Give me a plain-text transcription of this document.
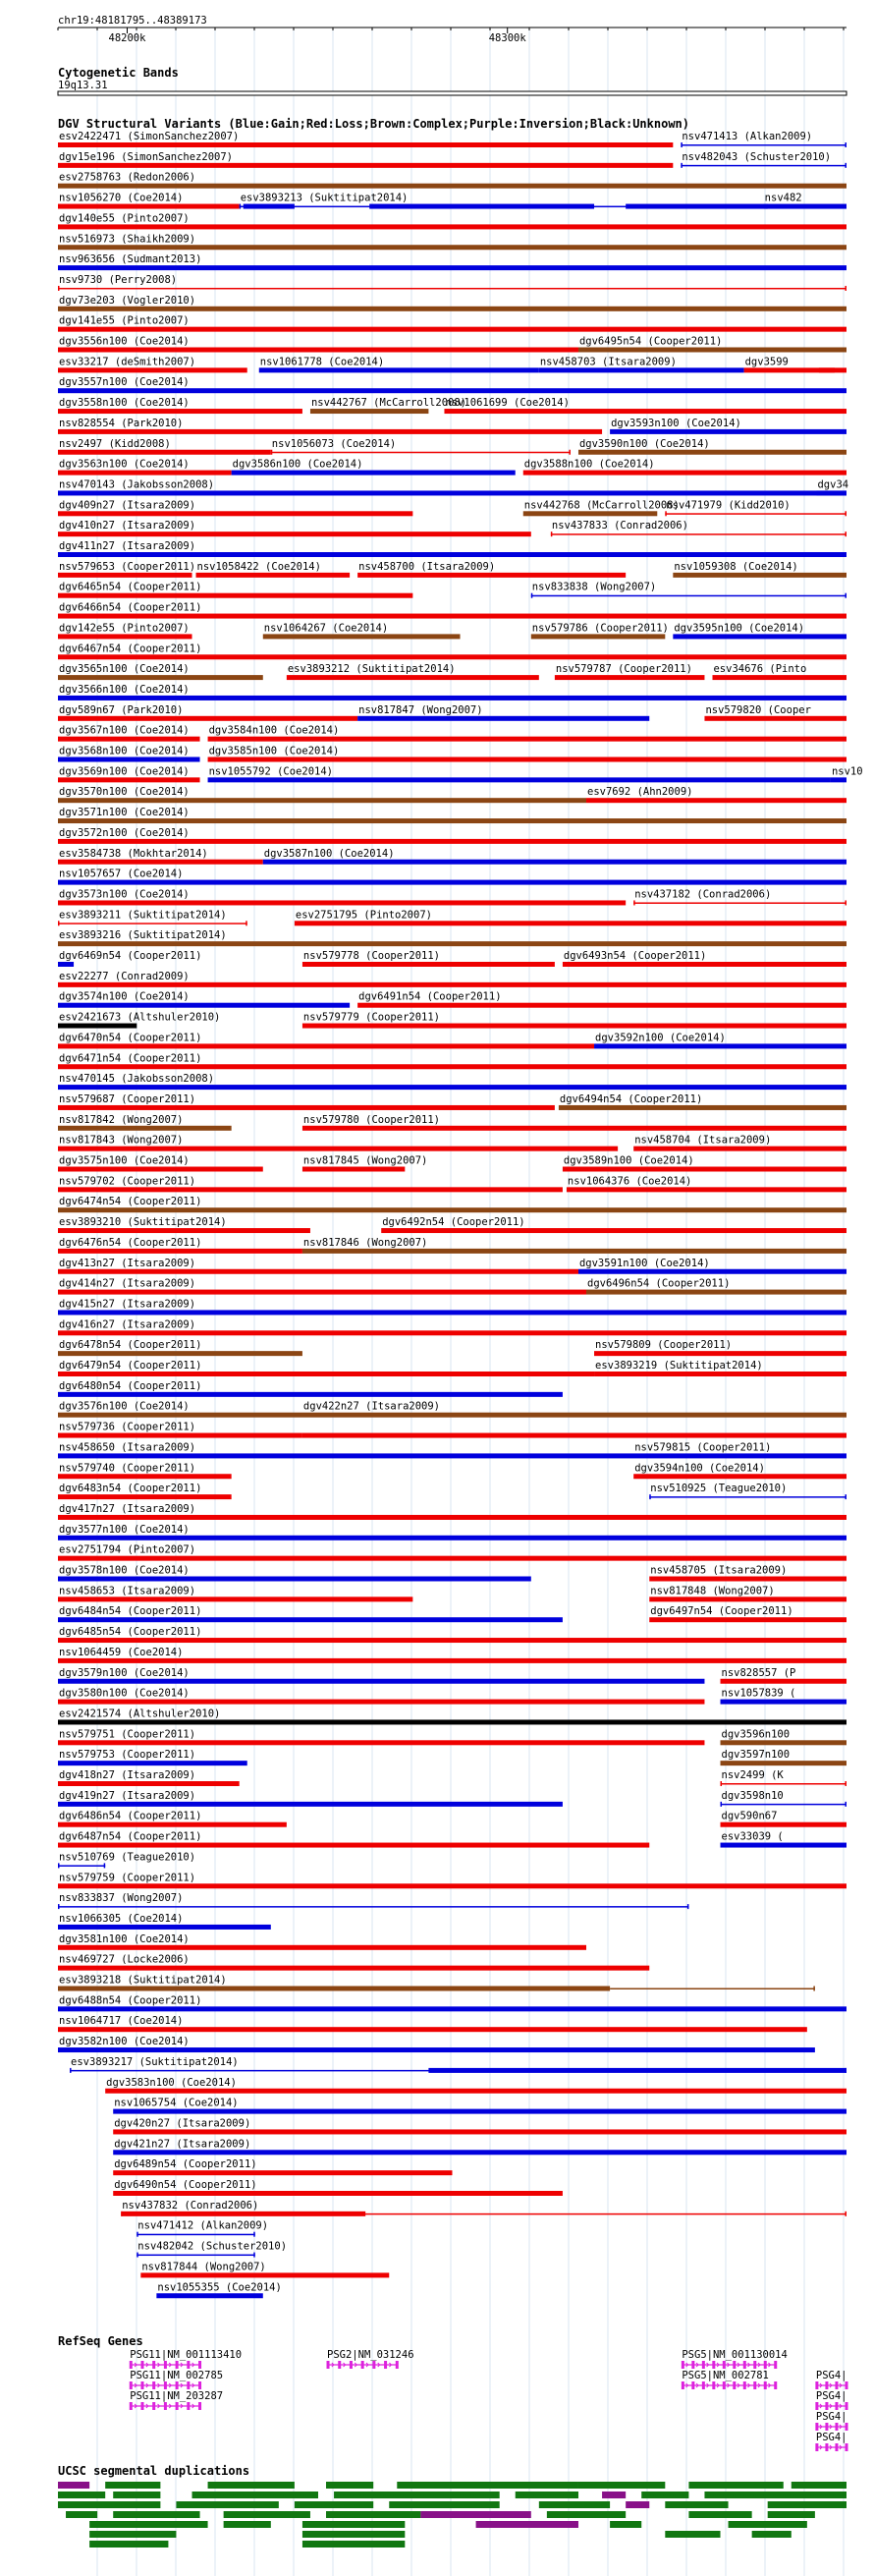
chr19:48181795..48389173
48200k	48300k
Cytogenetic Bands
19q13.31
DGV Structural Variants (Blue:Gain;Red:Loss;Brown:Complex;Purple:Inversion;Black:Unknown)
esv2422471 (SimonSanchez2007)	nsv471413 (Alkan2009)
dgv15e196 (SimonSanchez2007)	nsv482043 (Schuster2010)
esv2758763 (Redon2006)
nsv1056270 (Coe2014)	esv3893213 (Suktitipat2014)	nsv482
dgv140e55 (Pinto2007)
nsv516973 (Shaikh2009)
nsv963656 (Sudmant2013)
nsv9730 (Perry2008)
dgv73e203 (Vogler2010)
dgv141e55 (Pinto2007)
dgv3556n100 (Coe2014)	dgv6495n54 (Cooper2011)
esv33217 (deSmith2007)	nsv1061778 (Coe2014)	nsv458703 (Itsara2009)	dgv3599
dgv3557n100 (Coe2014)
dgv3558n100 (Coe2014)	nsv442767 (McCarroll2008)
nsv1061699 (Coe2014)
nsv828554 (Park2010)	dgv3593n100 (Coe2014)
nsv2497 (Kidd2008)	nsv1056073 (Coe2014)	dgv3590n100 (Coe2014)
dgv3563n100 (Coe2014)	dgv3586n100 (Coe2014)	dgv3588n100 (Coe2014)
nsv470143 (Jakobsson2008)	dgv34
dgv409n27 (Itsara2009)	nsv442768 (McCarroll2008)
nsv471979 (Kidd2010)
dgv410n27 (Itsara2009)	nsv437833 (Conrad2006)
dgv411n27 (Itsara2009)
nsv579653 (Cooper2011) nsv1058422 (Coe2014)	nsv458700 (Itsara2009)	nsv1059308 (Coe2014)
dgv6465n54 (Cooper2011)	nsv833838 (Wong2007)
dgv6466n54 (Cooper2011)
dgv142e55 (Pinto2007)	nsv1064267 (Coe2014)	nsv579786 (Cooper2011) dgv3595n100 (Coe2014)
dgv6467n54 (Cooper2011)
dgv3565n100 (Coe2014)	esv3893212 (Suktitipat2014)	nsv579787 (Cooper2011) esv34676 (Pinto
dgv3566n100 (Coe2014)
dgv589n67 (Park2010)	nsv817847 (Wong2007)	nsv579820 (Cooper
dgv3567n100 (Coe2014) dgv3584n100 (Coe2014)
dgv3568n100 (Coe2014) dgv3585n100 (Coe2014)
dgv3569n100 (Coe2014) nsv1055792 (Coe2014)	nsv10
dgv3570n100 (Coe2014)	esv7692 (Ahn2009)
dgv3571n100 (Coe2014)
dgv3572n100 (Coe2014)
esv3584738 (Mokhtar2014)	dgv3587n100 (Coe2014)
nsv1057657 (Coe2014)
dgv3573n100 (Coe2014)	nsv437182 (Conrad2006)
esv3893211 (Suktitipat2014)	esv2751795 (Pinto2007)
esv3893216 (Suktitipat2014)
dgv6469n54 (Cooper2011)	nsv579778 (Cooper2011)	dgv6493n54 (Cooper2011)
esv22277 (Conrad2009)
dgv3574n100 (Coe2014)	dgv6491n54 (Cooper2011)
esv2421673 (Altshuler2010)	nsv579779 (Cooper2011)
dgv6470n54 (Cooper2011)	dgv3592n100 (Coe2014)
dgv6471n54 (Cooper2011)
nsv470145 (Jakobsson2008)
nsv579687 (Cooper2011)	dgv6494n54 (Cooper2011)
nsv817842 (Wong2007)	nsv579780 (Cooper2011)
nsv817843 (Wong2007)	nsv458704 (Itsara2009)
dgv3575n100 (Coe2014)	nsv817845 (Wong2007)	dgv3589n100 (Coe2014)
nsv579702 (Cooper2011)	nsv1064376 (Coe2014)
dgv6474n54 (Cooper2011)
esv3893210 (Suktitipat2014)	dgv6492n54 (Cooper2011)
dgv6476n54 (Cooper2011)	nsv817846 (Wong2007)
dgv413n27 (Itsara2009)	dgv3591n100 (Coe2014)
dgv414n27 (Itsara2009)	dgv6496n54 (Cooper2011)
dgv415n27 (Itsara2009)
dgv416n27 (Itsara2009)
dgv6478n54 (Cooper2011)	nsv579809 (Cooper2011)
dgv6479n54 (Cooper2011)	esv3893219 (Suktitipat2014)
dgv6480n54 (Cooper2011)
dgv3576n100 (Coe2014)	dgv422n27 (Itsara2009)
nsv579736 (Cooper2011)
nsv458650 (Itsara2009)	nsv579815 (Cooper2011)
nsv579740 (Cooper2011)	dgv3594n100 (Coe2014)
dgv6483n54 (Cooper2011)	nsv510925 (Teague2010)
dgv417n27 (Itsara2009)
dgv3577n100 (Coe2014)
esv2751794 (Pinto2007)
dgv3578n100 (Coe2014)	nsv458705 (Itsara2009)
nsv458653 (Itsara2009)	nsv817848 (Wong2007)
dgv6484n54 (Cooper2011)	dgv6497n54 (Cooper2011)
dgv6485n54 (Cooper2011)
nsv1064459 (Coe2014)
dgv3579n100 (Coe2014)	nsv828557 (P
dgv3580n100 (Coe2014)	nsv1057839 (
esv2421574 (Altshuler2010)
nsv579751 (Cooper2011)	dgv3596n100
nsv579753 (Cooper2011)	dgv3597n100
dgv418n27 (Itsara2009)	nsv2499 (K
dgv419n27 (Itsara2009)	dgv3598n10
dgv6486n54 (Cooper2011)	dgv590n67
dgv6487n54 (Cooper2011)	esv33039 (
nsv510769 (Teague2010)
nsv579759 (Cooper2011)
nsv833837 (Wong2007)
nsv1066305 (Coe2014)
dgv3581n100 (Coe2014)
nsv469727 (Locke2006)
esv3893218 (Suktitipat2014)
dgv6488n54 (Cooper2011)
nsv1064717 (Coe2014)
dgv3582n100 (Coe2014)
esv3893217 (Suktitipat2014)
dgv3583n100 (Coe2014)
nsv1065754 (Coe2014)
dgv420n27 (Itsara2009)
dgv421n27 (Itsara2009)
dgv6489n54 (Cooper2011)
dgv6490n54 (Cooper2011)
nsv437832 (Conrad2006)
nsv471412 (Alkan2009)
nsv482042 (Schuster2010)
nsv817844 (Wong2007)
nsv1055355 (Coe2014)
RefSeq Genes
PSG11|NM_001113410
PSG11|NM_002785
PSG11|NM_203287
PSG2|NM_031246	PSG5|NM_001130014
PSG5|NM_002781	PSG4|
PSG4|
PSG4|
PSG4|
UCSC segmental duplications
